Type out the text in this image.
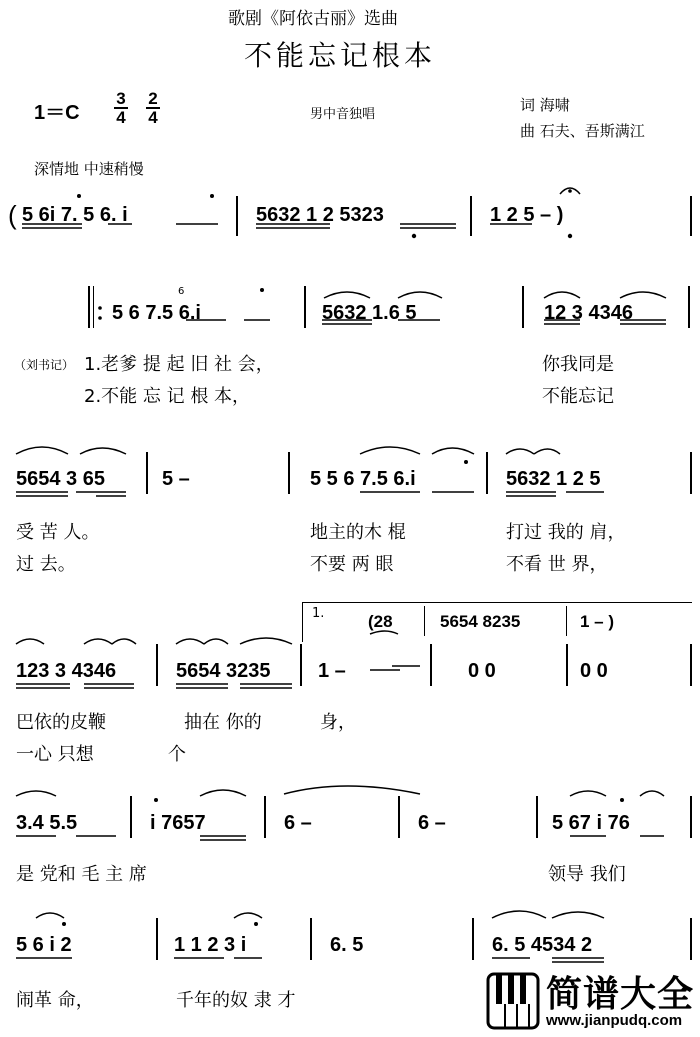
歌剧《阿依古丽》选曲
不能忘记根本
1＝C
3
4
2
4	男中音独唱
词 海啸
曲 石夫、吾斯满江
深情地 中速稍慢
( 5 6i 7. 5 6. i	5632 1 2 5323	1 2 5 – )
5 6 7.5 6.i
6
5632 1.6 5	12 3 4346
（刘书记） 1.老爹 提 起 旧 社 会，	你我同是
2.不能 忘 记 根 本，	不能忘记
5654 3 65	5 –	5 5 6 7.5 6.i	5632 1 2 5
受 苦 人。	地主的木 棍	打过 我的 肩，
过 去。	不要 两 眼	不看 世 界，
1.	(28	5654 8235	1 – )
123 3 4346	5654 3235 1 –	0 0	0 0
巴依的皮鞭	抽在 你的	身，
一心 只想	个
3.4 5.5	i 7657	6 –	6 –	5 67 i 76
是 党和 毛 主 席	领导 我们
5 6 i 2	1 1 2 3 i	6. 5	6. 5 4534 2
闹革 命，	千年的奴 隶 才	简谱大全
www.jianpudq.com
